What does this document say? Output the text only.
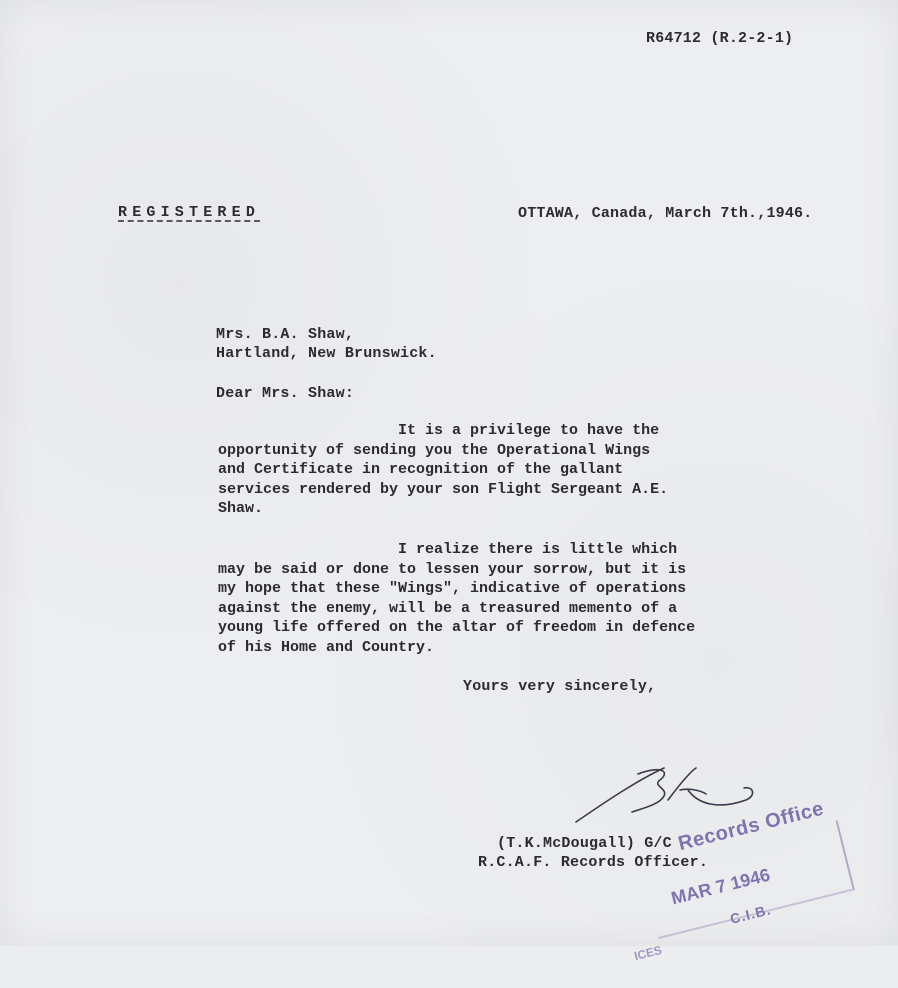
R64712 (R.2-2-1)
REGISTERED	OTTAWA, Canada, March 7th.,1946.
Mrs. B.A. Shaw,
Hartland, New Brunswick.
Dear Mrs. Shaw:
It is a privilege to have the
opportunity of sending you the Operational Wings
and Certificate in recognition of the gallant
services rendered by your son Flight Sergeant A.E.
Shaw.
I realize there is little which
may be said or done to lessen your sorrow, but it is
my hope that these "Wings", indicative of operations
against the enemy, will be a treasured memento of a
young life offered on the altar of freedom in defence
of his Home and Country.
Yours very sincerely,
(T.K.McDougall) G/C
R.C.A.F. Records Officer.
Records Office
MAR 7 1946
C.I.B.
ICES
